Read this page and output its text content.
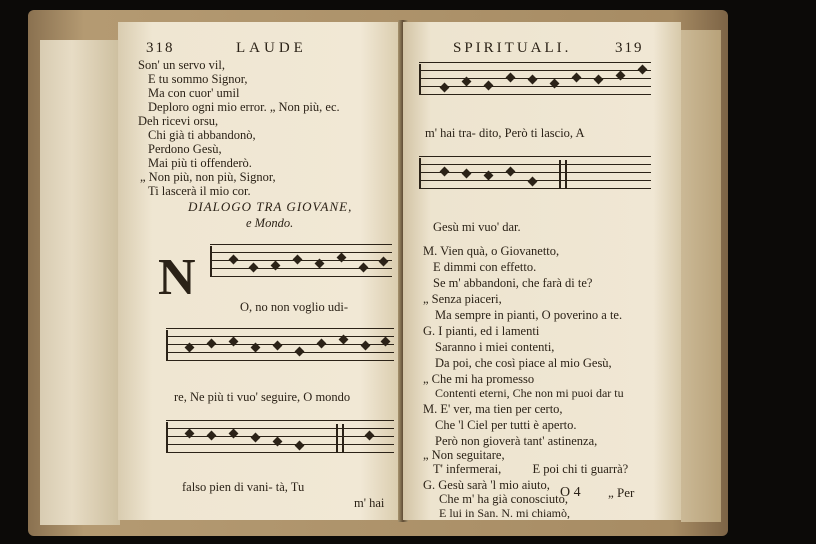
318	LAUDE
Son' un servo vil,
E tu sommo Signor,
Ma con cuor' umil
Deploro ogni mio error. „ Non più, ec.
Deh ricevi orsu,
Chi già ti abbandonò,
Perdono Gesù,
Mai più ti offenderò.
„ Non più, non più, Signor,
Ti lascerà il mio cor.
DIALOGO TRA GIOVANE,
e Mondo.
N
O, no non voglio udi-
re, Ne più ti vuo' seguire, O mondo
falso pien di vani- tà, Tu
m' hai
SPIRITUALI.	319
m' hai tra- dito, Però ti lascio, A
Gesù mi vuo' dar.
M. Vien quà, o Giovanetto,
E dimmi con effetto.
Se m' abbandoni, che farà di te?
„ Senza piaceri,
Ma sempre in pianti, O poverino a te.
G. I pianti, ed i lamenti
Saranno i miei contenti,
Da poi, che così piace al mio Gesù,
„ Che mi ha promesso
Contenti eterni, Che non mi puoi dar tu
M. E' ver, ma tien per certo,
Che 'l Ciel per tutti è aperto.
Però non gioverà tant' astinenza,
„ Non seguitare,
T' infermerai,          E poi chi ti guarrà?
G. Gesù sarà 'l mio aiuto,
Che m' ha già conosciuto,
E lui in San. N. mi chiamò,
O 4 „ Per
